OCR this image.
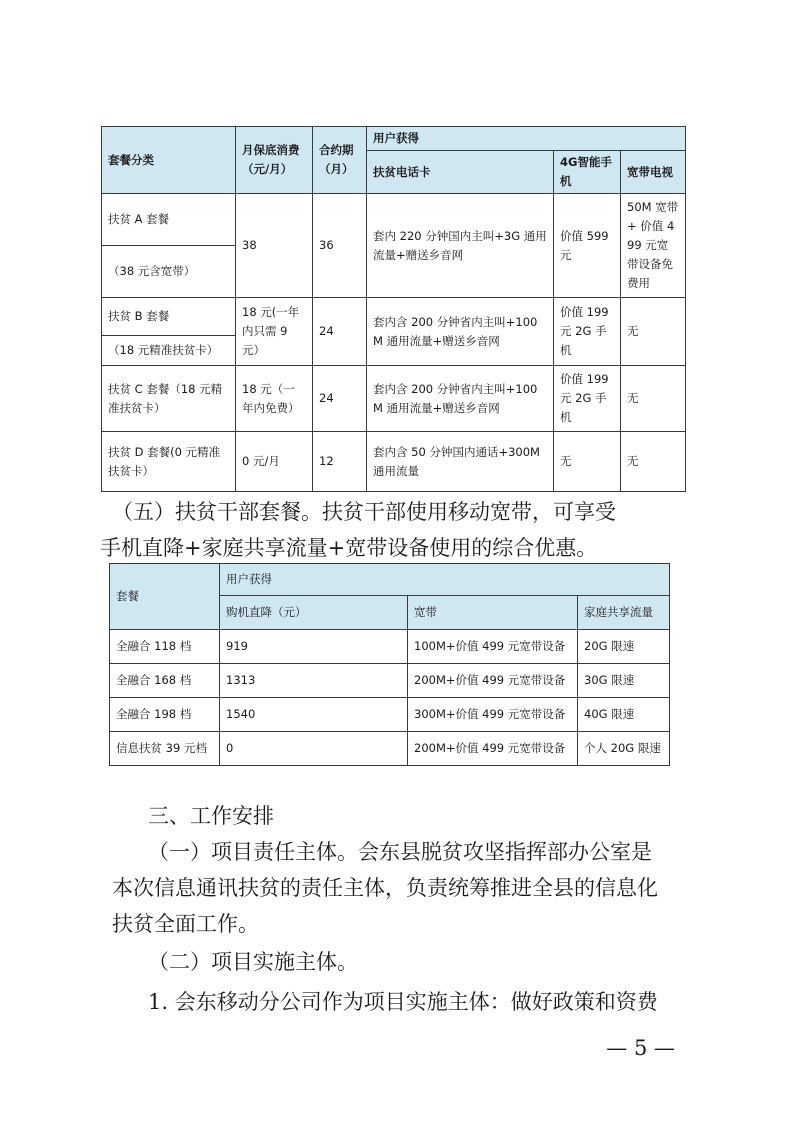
套餐分类	月保底消费（元/月）	合约期（月）	用户获得		
			扶贫电话卡	4G智能手机	宽带电视
扶贫 A 套餐	38	36	套内 220 分钟国内主叫+3G 通用流量+赠送乡音网	价值 599 元	50M 宽带 + 价值 499 元宽带设备免费用
（38 元含宽带）					
扶贫 B 套餐	18 元(一年内只需 9 元）	24	套内含 200 分钟省内主叫+100M 通用流量+赠送乡音网	价值 199 元 2G 手机	无
（18 元精准扶贫卡）					
扶贫 C 套餐（18 元精准扶贫卡）	18 元（一年内免费）	24	套内含 200 分钟省内主叫+100M 通用流量+赠送乡音网	价值 199 元 2G 手机	无
扶贫 D 套餐(0 元精准扶贫卡）	0 元/月	12	套内含 50 分钟国内通话+300M 通用流量	无	无

（五）扶贫干部套餐。扶贫干部使用移动宽带，可享受

手机直降+家庭共享流量+宽带设备使用的综合优惠。

套餐	用户获得		
	购机直降（元）	宽带	家庭共享流量
全融合 118 档	919	100M+价值 499 元宽带设备	20G 限速
全融合 168 档	1313	200M+价值 499 元宽带设备	30G 限速
全融合 198 档	1540	300M+价值 499 元宽带设备	40G 限速
信息扶贫 39 元档	0	200M+价值 499 元宽带设备	个人 20G 限速

三、工作安排

（一）项目责任主体。会东县脱贫攻坚指挥部办公室是

本次信息通讯扶贫的责任主体，负责统筹推进全县的信息化

扶贫全面工作。

（二）项目实施主体。

1. 会东移动分公司作为项目实施主体：做好政策和资费

— 5 —
